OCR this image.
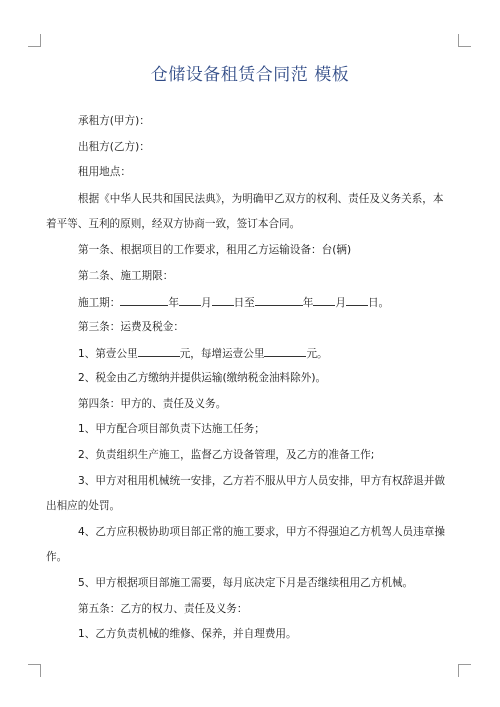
仓储设备租赁合同范 模板
承租方(甲方)：
出租方(乙方)：
租用地点：
根据《中华人民共和国民法典》，为明确甲乙双方的权利、责任及义务关系，本
着平等、互利的原则，经双方协商一致，签订本合同。
第一条、根据项目的工作要求，租用乙方运输设备：台(辆)
第二条、施工期限：
施工期：	年 月 日至	年 月 日。
第三条：运费及税金：
1、第壹公里	元，每增运壹公里	元。
2、税金由乙方缴纳并提供运输(缴纳税金油料除外)。
第四条：甲方的、责任及义务。
1、甲方配合项目部负责下达施工任务；
2、负责组织生产施工，监督乙方设备管理，及乙方的准备工作;
3、甲方对租用机械统一安排，乙方若不服从甲方人员安排，甲方有权辞退并做
出相应的处罚。
4、乙方应积极协助项目部正常的施工要求，甲方不得强迫乙方机驾人员违章操
作。
5、甲方根据项目部施工需要，每月底决定下月是否继续租用乙方机械。
第五条：乙方的权力、责任及义务：
1、乙方负责机械的维修、保养，并自理费用。
